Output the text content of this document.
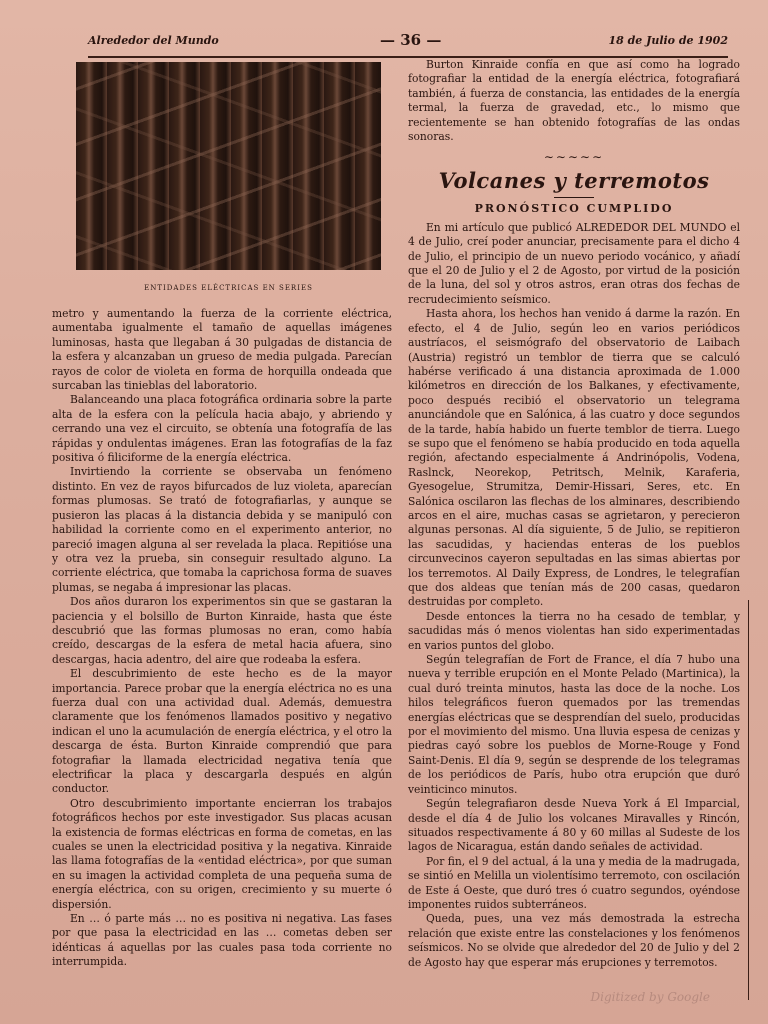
Alrededor del Mundo	— 36 —	18 de Julio de 1902
ENTIDADES ELÉCTRICAS EN SERIES

metro y aumentando la fuerza de la corriente eléctrica, aumentaba igualmente el tamaño de aquellas imágenes luminosas, hasta que llegaban á 30 pulgadas de distancia de la esfera y alcanzaban un grueso de media pulgada. Parecían rayos de color de violeta en forma de horquilla ondeada que surcaban las tinieblas del laboratorio.

Balanceando una placa fotográfica ordinaria sobre la parte alta de la esfera con la película hacia abajo, y abriendo y cerrando una vez el circuito, se obtenía una fotografía de las rápidas y ondulentas imágenes. Eran las fotografías de la faz positiva ó filiciforme de la energía eléctrica.

Invirtiendo la corriente se observaba un fenómeno distinto. En vez de rayos bifurcados de luz violeta, aparecían formas plumosas. Se trató de fotografiarlas, y aunque se pusieron las placas á la distancia debida y se manipuló con habilidad la corriente como en el experimento anterior, no pareció imagen alguna al ser revelada la placa. Repitióse una y otra vez la prueba, sin conseguir resultado alguno. La corriente eléctrica, que tomaba la caprichosa forma de suaves plumas, se negaba á impresionar las placas.

Dos años duraron los experimentos sin que se gastaran la paciencia y el bolsillo de Burton Kinraide, hasta que éste descubrió que las formas plumosas no eran, como había creído, descargas de la esfera de metal hacia afuera, sino descargas, hacia adentro, del aire que rodeaba la esfera.

El descubrimiento de este hecho es de la mayor importancia. Parece probar que la energía eléctrica no es una fuerza dual con una actividad dual. Además, demuestra claramente que los fenómenos llamados positivo y negativo indican el uno la acumulación de energía eléctrica, y el otro la descarga de ésta. Burton Kinraide comprendió que para fotografiar la llamada electricidad negativa tenía que electrificar la placa y descargarla después en algún conductor.

Otro descubrimiento importante encierran los trabajos fotográficos hechos por este investigador. Sus placas acusan la existencia de formas eléctricas en forma de cometas, en las cuales se unen la electricidad positiva y la negativa. Kinraide las llama fotografías de la «entidad eléctrica», por que suman en su imagen la actividad completa de una pequeña suma de energía eléctrica, con su origen, crecimiento y su muerte ó dispersión.

En … ó parte más … no es positiva ni negativa. Las fases por que pasa la electricidad en las … cometas deben ser idénticas á aquellas por las cuales pasa toda corriente no interrumpida.

Burton Kinraide confía en que así como ha logrado fotografiar la entidad de la energía eléctrica, fotografiará también, á fuerza de constancia, las entidades de la energía termal, la fuerza de gravedad, etc., lo mismo que recientemente se han obtenido fotografías de las ondas sonoras.

∼∼∼∼∼
Volcanes y terremotos
PRONÓSTICO CUMPLIDO

En mi artículo que publicó ALREDEDOR DEL MUNDO el 4 de Julio, creí poder anunciar, precisamente para el dicho 4 de Julio, el principio de un nuevo periodo vocánico, y añadí que el 20 de Julio y el 2 de Agosto, por virtud de la posición de la luna, del sol y otros astros, eran otras dos fechas de recrudecimiento seísmico.

Hasta ahora, los hechos han venido á darme la razón. En efecto, el 4 de Julio, según leo en varios periódicos austríacos, el seismógrafo del observatorio de Laibach (Austria) registró un temblor de tierra que se calculó habérse verificado á una distancia aproximada de 1.000 kilómetros en dirección de los Balkanes, y efectivamente, poco después recibió el observatorio un telegrama anunciándole que en Salónica, á las cuatro y doce segundos de la tarde, había habido un fuerte temblor de tierra. Luego se supo que el fenómeno se había producido en toda aquella región, afectando especialmente á Andrinópolis, Vodena, Raslnck, Neorekop, Petritsch, Melnik, Karaferia, Gyesogelue, Strumitza, Demir-Hissari, Seres, etc. En Salónica oscilaron las flechas de los alminares, describiendo arcos en el aire, muchas casas se agrietaron, y perecieron algunas personas. Al día siguiente, 5 de Julio, se repitieron las sacudidas, y haciendas enteras de los pueblos circunvecinos cayeron sepultadas en las simas abiertas por los terremotos. Al Daily Express, de Londres, le telegrafían que dos aldeas que tenían más de 200 casas, quedaron destruidas por completo.

Desde entonces la tierra no ha cesado de temblar, y sacudidas más ó menos violentas han sido experimentadas en varios puntos del globo.

Según telegrafían de Fort de France, el día 7 hubo una nueva y terrible erupción en el Monte Pelado (Martinica), la cual duró treinta minutos, hasta las doce de la noche. Los hilos telegráficos fueron quemados por las tremendas energías eléctricas que se desprendían del suelo, producidas por el movimiento del mismo. Una lluvia espesa de cenizas y piedras cayó sobre los pueblos de Morne-Rouge y Fond Saint-Denis. El día 9, según se desprende de los telegramas de los periódicos de París, hubo otra erupción que duró veinticinco minutos.

Según telegrafiaron desde Nueva York á El Imparcial, desde el día 4 de Julio los volcanes Miravalles y Rincón, situados respectivamente á 80 y 60 millas al Sudeste de los lagos de Nicaragua, están dando señales de actividad.

Por fin, el 9 del actual, á la una y media de la madrugada, se sintió en Melilla un violentísimo terremoto, con oscilación de Este á Oeste, que duró tres ó cuatro segundos, oyéndose imponentes ruidos subterráneos.

Queda, pues, una vez más demostrada la estrecha relación que existe entre las constelaciones y los fenómenos seísmicos. No se olvide que alrededor del 20 de Julio y del 2 de Agosto hay que esperar más erupciones y terremotos.

Digitized by Google
